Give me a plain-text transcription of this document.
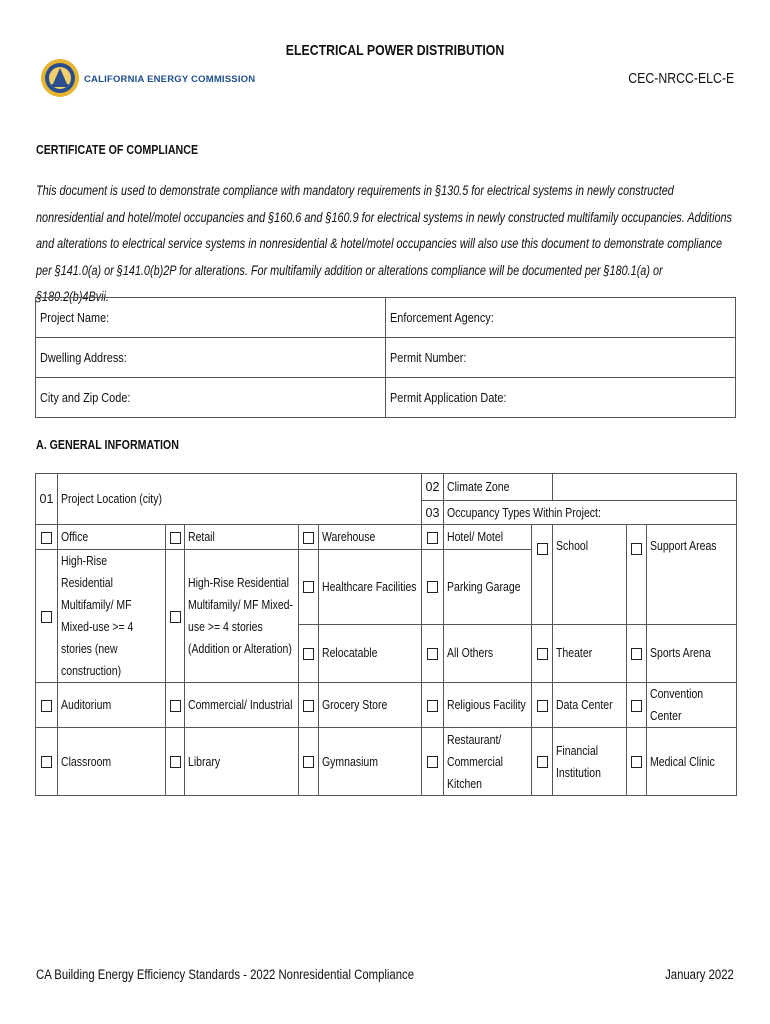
CALIFORNIA ENERGY COMMISSION
ELECTRICAL POWER DISTRIBUTION
CEC-NRCC-ELC-E
CERTIFICATE OF COMPLIANCE
This document is used to demonstrate compliance with mandatory requirements in §130.5 for electrical systems in newly constructed nonresidential and hotel/motel occupancies and §160.6 and §160.9 for electrical systems in newly constructed multifamily occupancies. Additions and alterations to electrical service systems in nonresidential & hotel/motel occupancies will also use this document to demonstrate compliance per §141.0(a) or §141.0(b)2P for alterations. For multifamily addition or alterations compliance will be documented per §180.1(a) or §180.2(b)4Bvii.
Project Name:	Enforcement Agency:
Dwelling Address:	Permit Number:
City and Zip Code:	Permit Application Date:
A. GENERAL INFORMATION
01	Project Location (city)					02	Climate Zone				
						03	Occupancy Types Within Project:				
	Office		Retail		Warehouse		Hotel/ Motel		School		Support Areas
	High-Rise Residential Multifamily/ MF Mixed-use >= 4 stories (new construction)		High-Rise Residential Multifamily/ MF Mixed-use >= 4 stories (Addition or Alteration)		Healthcare Facilities		Parking Garage				
					Relocatable		All Others		Theater		Sports Arena
	Auditorium		Commercial/ Industrial		Grocery Store		Religious Facility		Data Center		Convention Center
	Classroom		Library		Gymnasium		Restaurant/ Commercial Kitchen		Financial Institution		Medical Clinic
CA Building Energy Efficiency Standards - 2022 Nonresidential Compliance	January 2022
